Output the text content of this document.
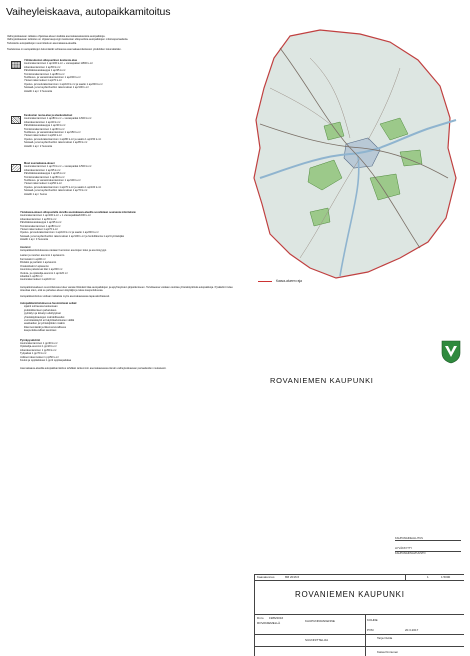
Vaiheyleiskaava, autopaikkamitoitus
Vaiheyleiskaavan ratkaisu ohjeistaa alueen kaikkia asemakaavatasoisia autopaikkoja.
Vaiheyleiskaavan tarkoitus on ohjata kaupungin keskustan ulkopuolisia autopaikkojen mitoitusperiaatteita.
Tarkoitettu autopaikkojen suunnitteluun asemakaava-alueilla.
Taulukossa on autopaikkojen lukumäärät suhteessa asemakaavoitettavien yksiköiden lukumäärään.
Ydinkeskustan ulkopuolinen keskusta-alue
Asuinrakentaminen 1 ap/100 k-m² + vieraspaikat 1/800 k-m²
Liikerakentaminen 1 ap/50 k-m²
Päivittäistavarakauppa 1 ap/35 k-m²
Toimistorakentaminen 1 ap/80 k-m²
Teollisuus- ja varastorakentaminen 1 ap/200 k-m²
Yleiset rakennukset 1 ap/70 k-m²
Opetus- ja koulurakentaminen 1 ap/100 k-m² ja saatto 1 ap/200 k-m²
Sosiaali- ja terveydenhuollon rakennukset 1 ap/100 k-m²
Hotellit 1 ap / 3 huonetta
Keskustan reuna-alue ja aluekeskukset
Asuinrakentaminen 1 ap/80 k-m² + vieraspaikat 1/600 k-m²
Liikerakentaminen 1 ap/40 k-m²
Päivittäistavarakauppa 1 ap/30 k-m²
Toimistorakentaminen 1 ap/60 k-m²
Teollisuus- ja varastorakentaminen 1 ap/150 k-m²
Yleiset rakennukset 1 ap/60 k-m²
Opetus- ja koulurakentaminen 1 ap/80 k-m² ja saatto 1 ap/150 k-m²
Sosiaali- ja terveydenhuollon rakennukset 1 ap/80 k-m²
Hotellit 1 ap / 2 huonetta
Muut asemakaava-alueet
Asuinrakentaminen 1 ap/70 k-m² + vieraspaikat 1/500 k-m²
Liikerakentaminen 1 ap/35 k-m²
Päivittäistavarakauppa 1 ap/25 k-m²
Toimistorakentaminen 1 ap/50 k-m²
Teollisuus- ja varastorakentaminen 1 ap/100 k-m²
Yleiset rakennukset 1 ap/50 k-m²
Opetus- ja koulurakentaminen 1 ap/70 k-m² ja saatto 1 ap/100 k-m²
Sosiaali- ja terveydenhuollon rakennukset 1 ap/70 k-m²
Hotellit 1 ap / huone
Yleiskaava-alueen ulkopuolella olevilla asemakaava-alueilla sovelletaan seuraavia mitoituksia:
Asuinrakentaminen 1 ap/100 k-m² + 1 vieraspaikka/1000 k-m²
Liikerakentaminen 1 ap/50 k-m²
Päivittäistavarakauppa 1 ap/35 k-m²
Toimistorakentaminen 1 ap/80 k-m²
Yleiset rakennukset 1 ap/70 k-m²
Opetus- ja koulurakentaminen 1 ap/100 k-m² ja saatto 1 ap/200 k-m²
Sosiaali- ja terveydenhuollon rakennukset 1 ap/100 k-m² ja henkilökunta 1 ap/4 työntekijää
Hotellit 1 ap / 3 huonetta
Asunnot
Autopaikkamitoituksessa otetaan huomioon asuntojen koko ja asuntotyyppi.
Lasten ja nuorten asunnot 1 ap/asunto
Kerrostalot 1 ap/90 m²
Rivitalot ja paritalot 1 ap/asunto
Omakotitalot 2 ap/asunto
Asumista palvelevat tilat 1 ap/200 m²
Vuokra- ja opiskelija-asunnot 1 ap/120 m²
Liiketilat 1 ap/50 m²
Asuinrakennukset 1 ap/100 m²
Autopaikoitusalueen suunnittelussa tulee varata riittävästi tilaa autopaikkojen ja ajoyhteyksien järjestämiseen. Tarvittaessa voidaan osoittaa yhteiskäyttöisiä autopaikkoja. Pysäköinti tulee toteuttaa siten, että se palvelee alueen käyttäjiä ja tukee kaupunkikuvaa.
Autopaikkamitoitus voidaan ratkaista myös asemakaavassa tapauskohtaisesti.
Autopaikkamitoituksessa huomioitavat seikat:
sijainti suhteessa keskustaan
joukkoliikenteen palvelutaso
pyöräilyn ja kävelyn edellytykset
yhteiskäyttöautojen mahdollisuudet
vuorottaiskäyttö eri käyttötarkoitusten välillä
asukkaiden ja työntekijöiden määrä
liikennemäärät ja liikenneturvallisuus
kaupunkikuvalliset tavoitteet
Pyöräpysäköinti
Asuinrakentaminen 1 pp/30 k-m²
Opiskelija-asunnot 1 pp/20 k-m²
Liikerakentaminen 1 pp/50 k-m²
Työpaikat 1 pp/70 k-m²
Julkiset rakennukset 1 pp/50 k-m²
Koulut ja oppilaitokset 1 pp/2 oppilaspaikkaa
Asemakaava-alueilla autopaikkamitoitus tehdään tarkemmin asemakaavassa tämän vaiheyleiskaavan periaatteiden mukaisesti.
Kaava-alueen raja
ROVANIEMEN KAUPUNKI
KAUPUNGINHALLITUS
HYVÄKSYTTY
KAUPUNGINVALTUUSTO
Kaavatunnus	8M 2016:6	1	1:5000
ROVANIEMEN KAUPUNKI
KOHDE
PVM	20.3.2017
Dnro 1986/2016
KAUPUNKIRAKENNE
ROVANIEMELLÄ
SUUNNITTELIJA	Tarja Outila
Katsa Kinnunen
